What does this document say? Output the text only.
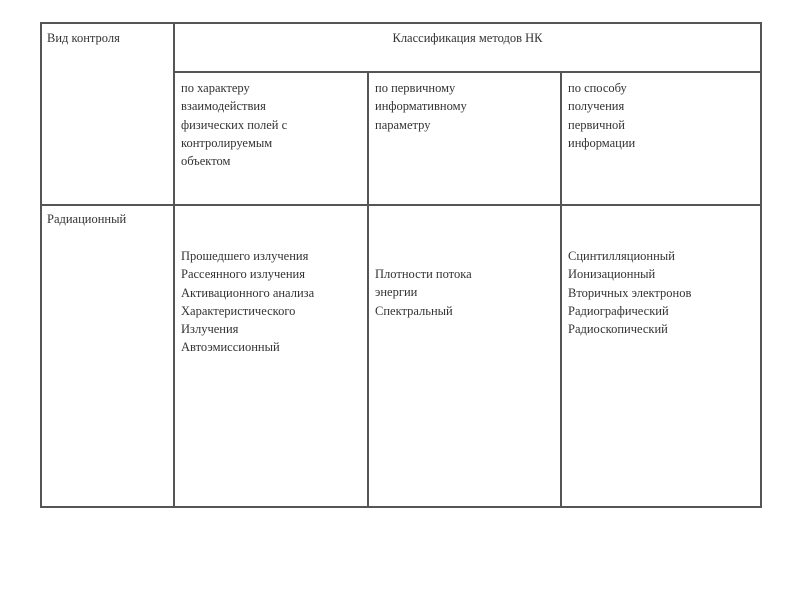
Вид контроля	Классификация методов НК
по характеру
взаимодействия
физических полей с
контролируемым
объектом
по первичному
информативному
параметру
по способу
получения
первичной
информации
Радиационный
Прошедшего излучения
Рассеянного излучения
Активационного анализа
Характеристического
Излучения
Автоэмиссионный
Плотности потока
энергии
Спектральный
Сцинтилляционный
Ионизационный
Вторичных электронов
Радиографический
Радиоскопический
